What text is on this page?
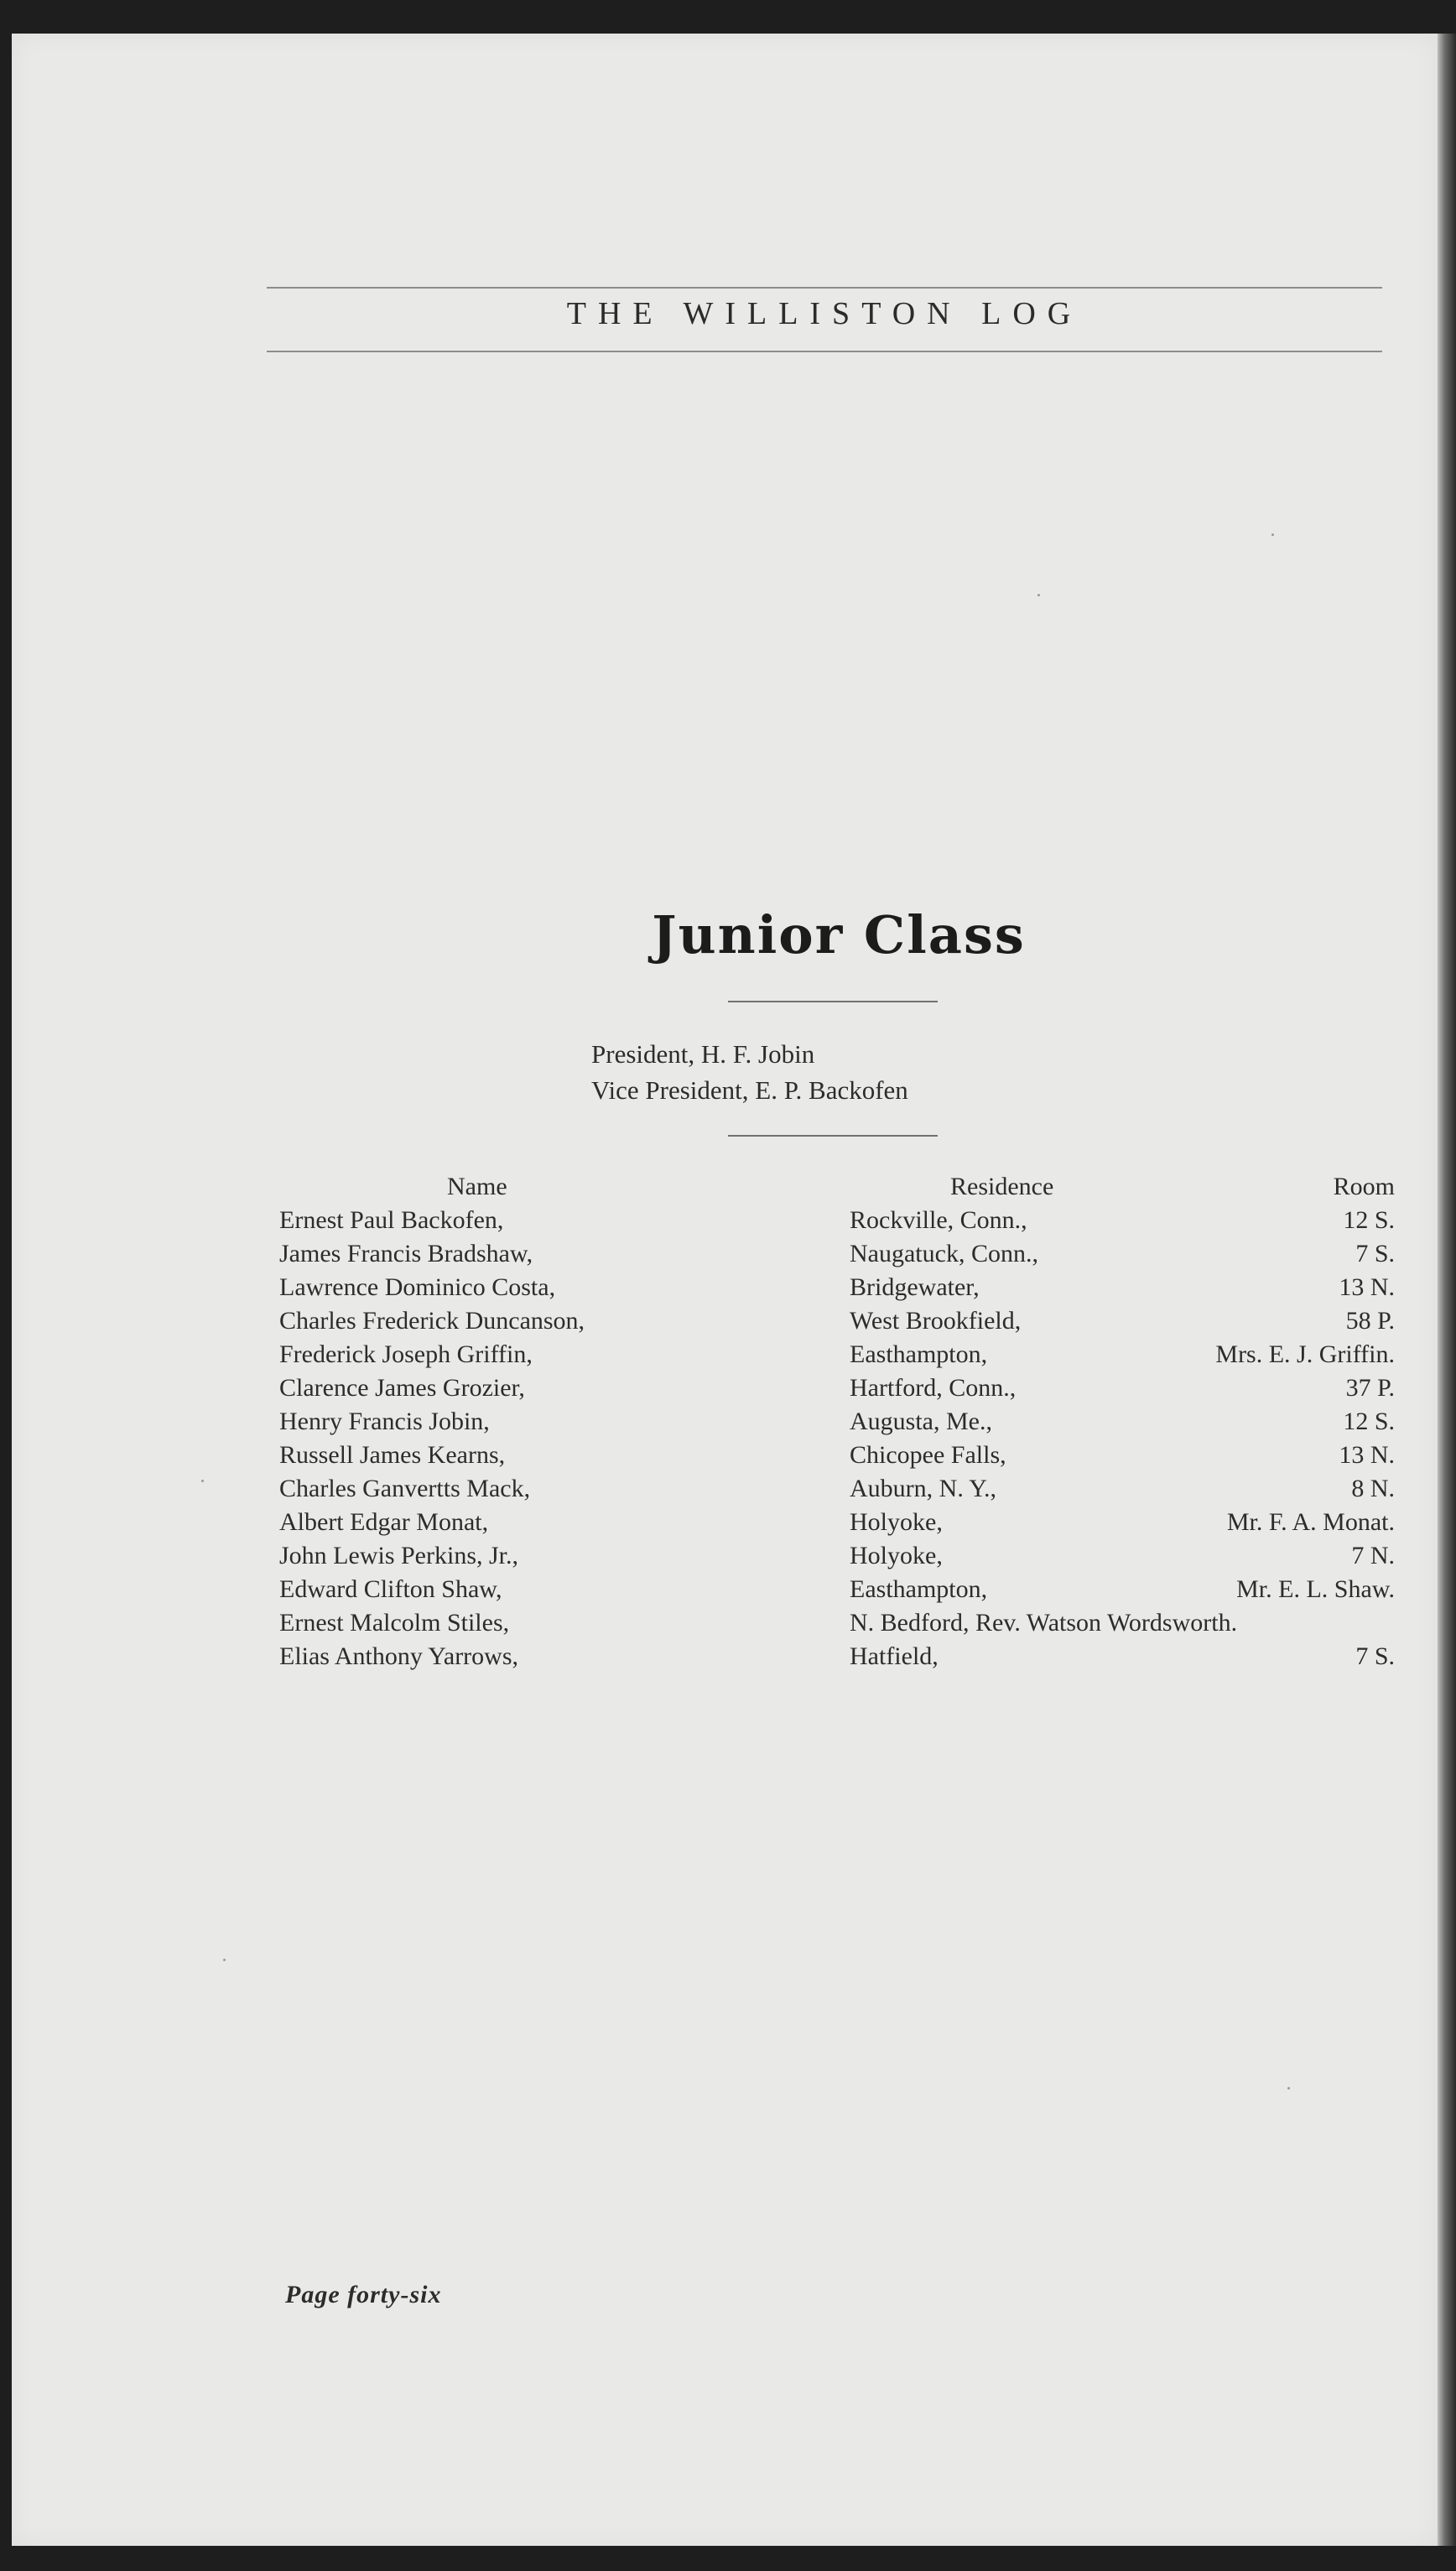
THE WILLISTON LOG
Junior Class
President, H. F. Jobin
Vice President, E. P. Backofen
Name	Residence	Room
Ernest Paul Backofen,	Rockville, Conn.,	12 S.
James Francis Bradshaw,	Naugatuck, Conn.,	7 S.
Lawrence Dominico Costa,	Bridgewater,	13 N.
Charles Frederick Duncanson,	West Brookfield,	58 P.
Frederick Joseph Griffin,	Easthampton,	Mrs. E. J. Griffin.
Clarence James Grozier,	Hartford, Conn.,	37 P.
Henry Francis Jobin,	Augusta, Me.,	12 S.
Russell James Kearns,	Chicopee Falls,	13 N.
Charles Ganvertts Mack,	Auburn, N. Y.,	8 N.
Albert Edgar Monat,	Holyoke,	Mr. F. A. Monat.
John Lewis Perkins, Jr.,	Holyoke,	7 N.
Edward Clifton Shaw,	Easthampton,	Mr. E. L. Shaw.
Ernest Malcolm Stiles,	N. Bedford, Rev. Watson Wordsworth.
Elias Anthony Yarrows,	Hatfield,	7 S.
Page forty-six
